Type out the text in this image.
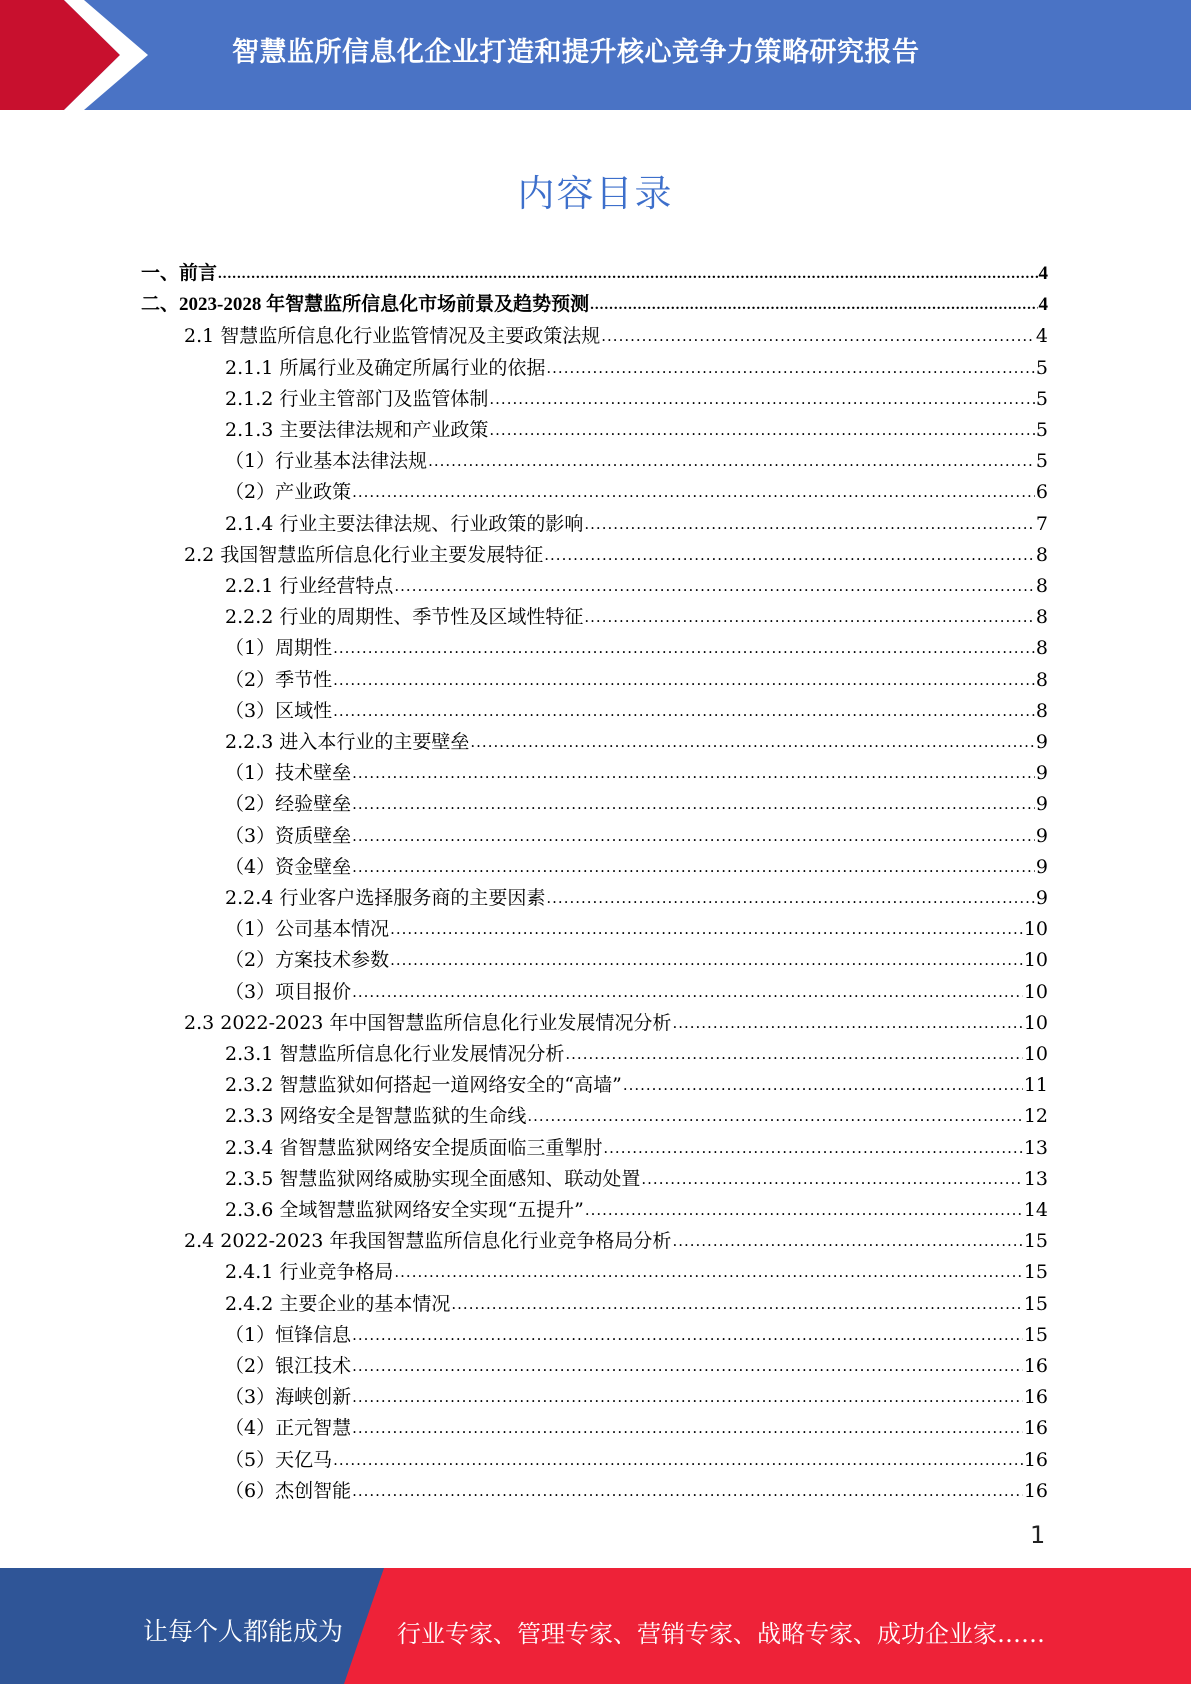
智慧监所信息化企业打造和提升核心竞争力策略研究报告
内容目录
一、前言 .....	4
二、2023-2028 年智慧监所信息化市场前景及趋势预测 .....	4
2.1 智慧监所信息化行业监管情况及主要政策法规 .....	4
2.1.1 所属行业及确定所属行业的依据 .....	5
2.1.2 行业主管部门及监管体制 .....	5
2.1.3 主要法律法规和产业政策 .....	5
（1）行业基本法律法规 .....	5
（2）产业政策 .....	6
2.1.4 行业主要法律法规、行业政策的影响 .....	7
2.2 我国智慧监所信息化行业主要发展特征 .....	8
2.2.1 行业经营特点 .....	8
2.2.2 行业的周期性、季节性及区域性特征 .....	8
（1）周期性 .....	8
（2）季节性 .....	8
（3）区域性 .....	8
2.2.3 进入本行业的主要壁垒 .....	9
（1）技术壁垒 .....	9
（2）经验壁垒 .....	9
（3）资质壁垒 .....	9
（4）资金壁垒 .....	9
2.2.4 行业客户选择服务商的主要因素 .....	9
（1）公司基本情况 .....	10
（2）方案技术参数 .....	10
（3）项目报价 .....	10
2.3 2022-2023 年中国智慧监所信息化行业发展情况分析 .....	10
2.3.1 智慧监所信息化行业发展情况分析 .....	10
2.3.2 智慧监狱如何搭起一道网络安全的“高墙” .....	11
2.3.3 网络安全是智慧监狱的生命线 .....	12
2.3.4 省智慧监狱网络安全提质面临三重掣肘 .....	13
2.3.5 智慧监狱网络威胁实现全面感知、联动处置 .....	13
2.3.6 全域智慧监狱网络安全实现“五提升” .....	14
2.4 2022-2023 年我国智慧监所信息化行业竞争格局分析 .....	15
2.4.1 行业竞争格局 .....	15
2.4.2 主要企业的基本情况 .....	15
（1）恒锋信息 .....	15
（2）银江技术 .....	16
（3）海峡创新 .....	16
（4）正元智慧 .....	16
（5）天亿马 .....	16
（6）杰创智能 .....	16
1
让每个人都能成为 行业专家、管理专家、营销专家、战略专家、成功企业家……
